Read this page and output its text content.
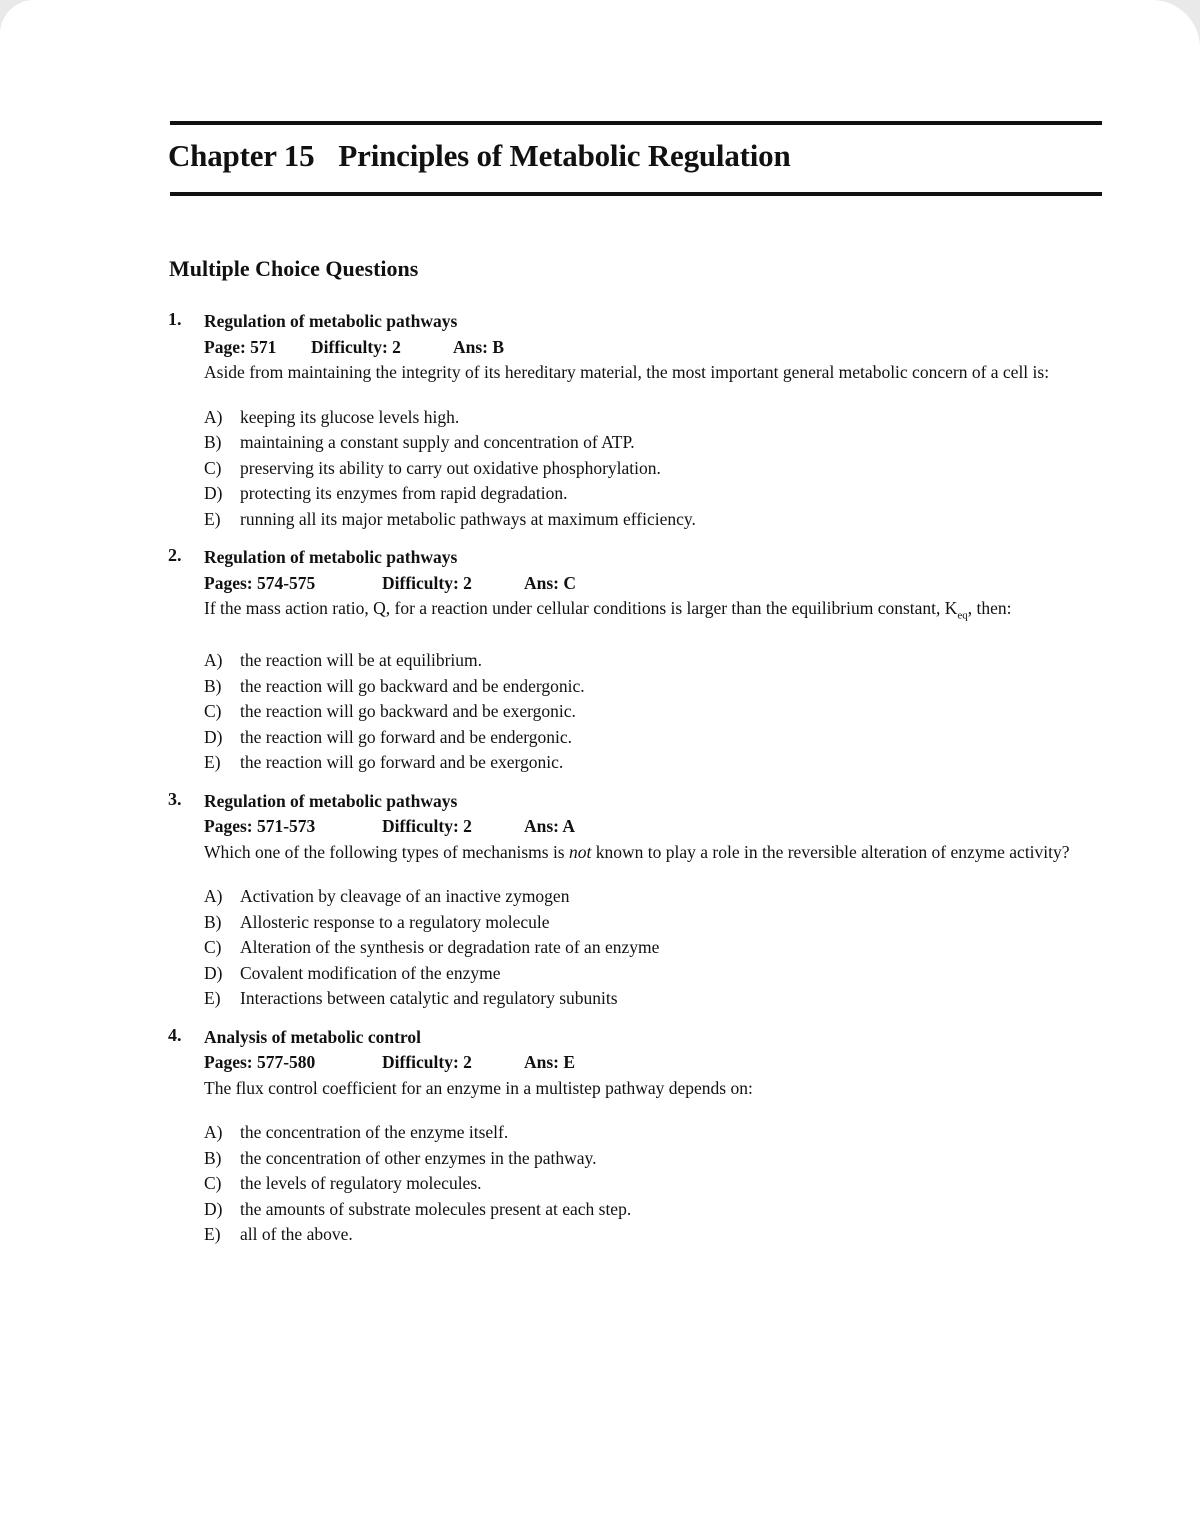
Chapter 15 Principles of Metabolic Regulation
Multiple Choice Questions
1. Regulation of metabolic pathways
Page: 571 Difficulty: 2	Ans: B
Aside from maintaining the integrity of its hereditary material, the most important general metabolic concern of a cell is:
A) keeping its glucose levels high.
B) maintaining a constant supply and concentration of ATP.
C) preserving its ability to carry out oxidative phosphorylation.
D) protecting its enzymes from rapid degradation.
E) running all its major metabolic pathways at maximum efficiency.
2. Regulation of metabolic pathways
Pages: 574-575	Difficulty: 2	Ans: C
If the mass action ratio, Q, for a reaction under cellular conditions is larger than the equilibrium constant, $K_{eq}$, then:
A) the reaction will be at equilibrium.
B) the reaction will go backward and be endergonic.
C) the reaction will go backward and be exergonic.
D) the reaction will go forward and be endergonic.
E) the reaction will go forward and be exergonic.
3. Regulation of metabolic pathways
Pages: 571-573	Difficulty: 2	Ans: A
Which one of the following types of mechanisms is not known to play a role in the reversible alteration of enzyme activity?
A) Activation by cleavage of an inactive zymogen
B) Allosteric response to a regulatory molecule
C) Alteration of the synthesis or degradation rate of an enzyme
D) Covalent modification of the enzyme
E) Interactions between catalytic and regulatory subunits
4. Analysis of metabolic control
Pages: 577-580	Difficulty: 2	Ans: E
The flux control coefficient for an enzyme in a multistep pathway depends on:
A) the concentration of the enzyme itself.
B) the concentration of other enzymes in the pathway.
C) the levels of regulatory molecules.
D) the amounts of substrate molecules present at each step.
E) all of the above.
